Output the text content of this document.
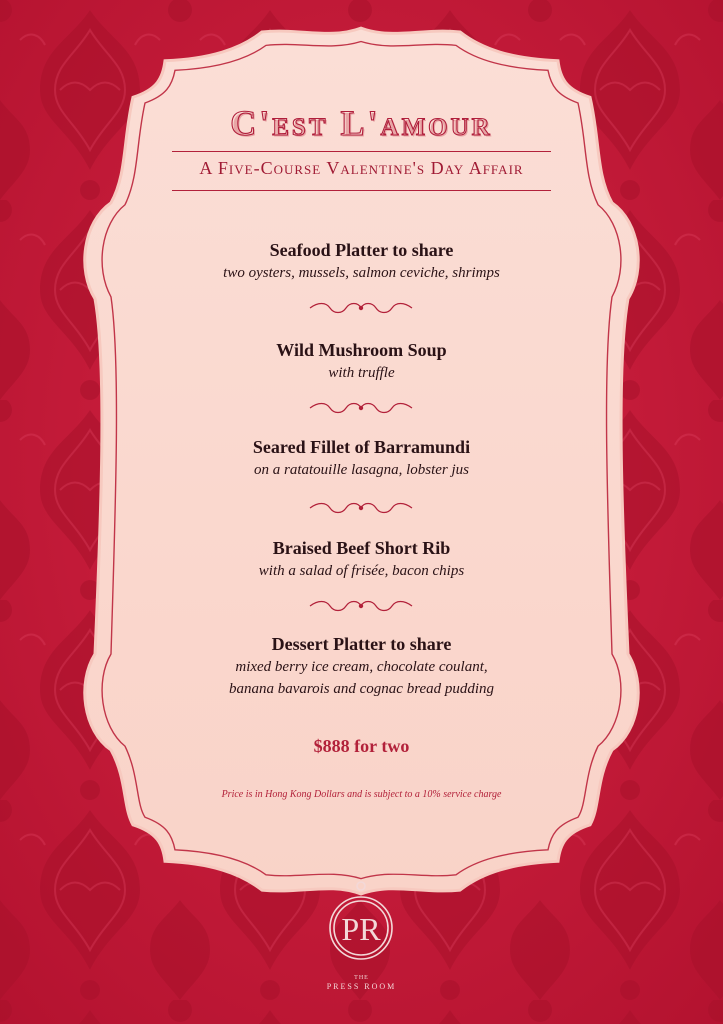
C'est L'amour
A Five-Course Valentine's Day Affair
Seafood Platter to share
two oysters, mussels, salmon ceviche, shrimps
Wild Mushroom Soup
with truffle
Seared Fillet of Barramundi
on a ratatouille lasagna, lobster jus
Braised Beef Short Rib
with a salad of frisée, bacon chips
Dessert Platter to share
mixed berry ice cream, chocolate coulant,
banana bavarois and cognac bread pudding
$888 for two
Price is in Hong Kong Dollars and is subject to a 10% service charge
PR
THE
PRESS ROOM
